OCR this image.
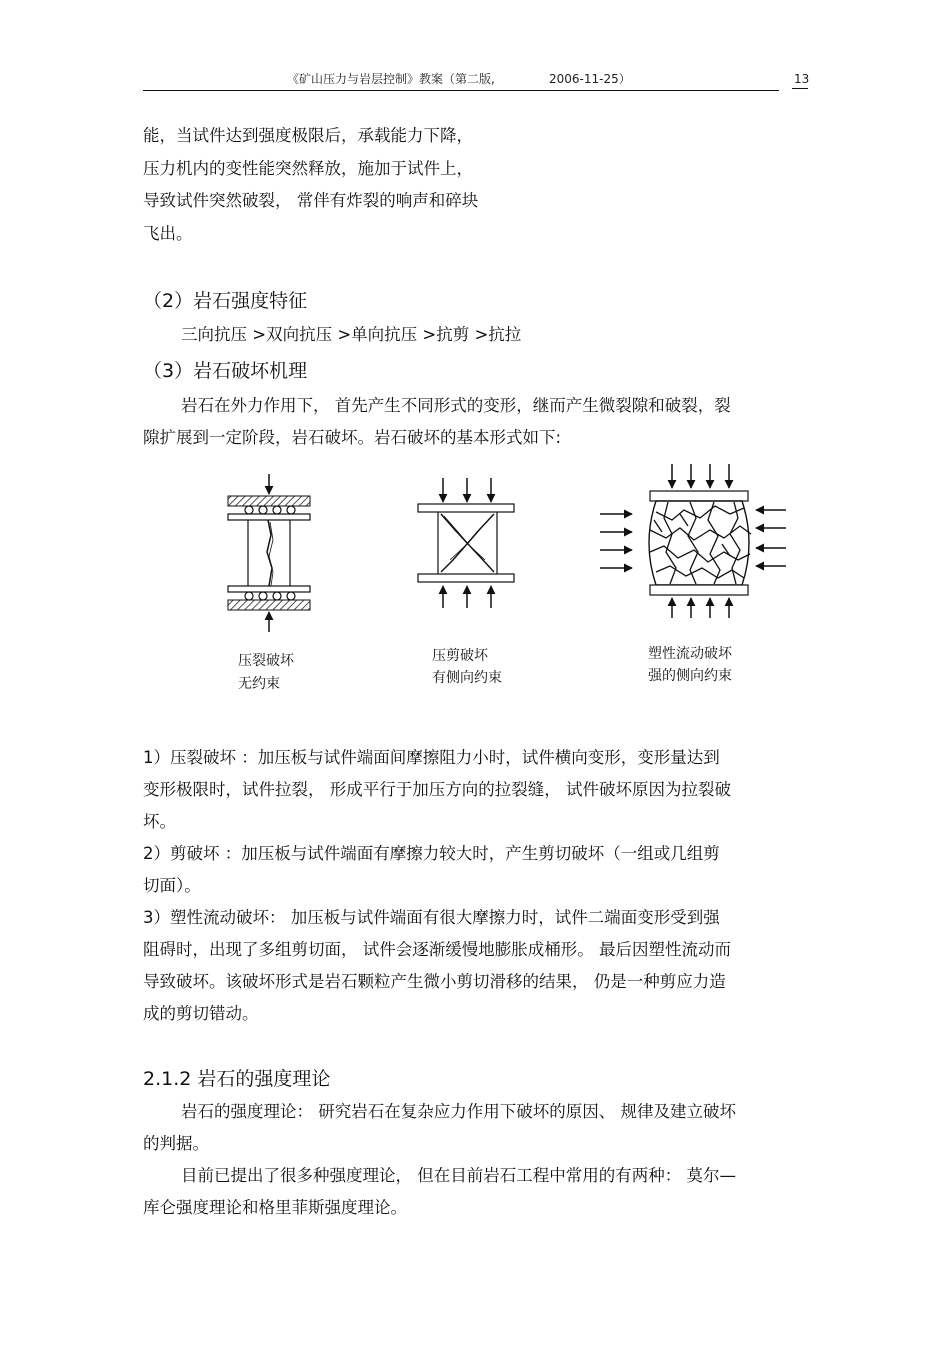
《矿山压力与岩层控制》教案（第二版,	2006-11-25）	13
能，当试件达到强度极限后，承载能力下降，
压力机内的变性能突然释放，施加于试件上，
导致试件突然破裂， 常伴有炸裂的响声和碎块
飞出。
（2）岩石强度特征
三向抗压 >双向抗压 >单向抗压 >抗剪 >抗拉
（3）岩石破坏机理
岩石在外力作用下， 首先产生不同形式的变形，继而产生微裂隙和破裂，裂
隙扩展到一定阶段，岩石破坏。岩石破坏的基本形式如下:
压裂破坏
无约束
压剪破坏
有侧向约束
塑性流动破坏
强的侧向约束
1）压裂破坏 ：加压板与试件端面间摩擦阻力小时，试件横向变形，变形量达到
变形极限时，试件拉裂， 形成平行于加压方向的拉裂缝， 试件破坏原因为拉裂破
坏。
2）剪破坏 ：加压板与试件端面有摩擦力较大时，产生剪切破坏（一组或几组剪
切面）。
3）塑性流动破坏： 加压板与试件端面有很大摩擦力时，试件二端面变形受到强
阻碍时，出现了多组剪切面， 试件会逐渐缓慢地膨胀成桶形。 最后因塑性流动而
导致破坏。该破坏形式是岩石颗粒产生微小剪切滑移的结果， 仍是一种剪应力造
成的剪切错动。
2.1.2 岩石的强度理论
岩石的强度理论： 研究岩石在复杂应力作用下破坏的原因、 规律及建立破坏
的判据。
目前已提出了很多种强度理论， 但在目前岩石工程中常用的有两种： 莫尔—
库仑强度理论和格里菲斯强度理论。
